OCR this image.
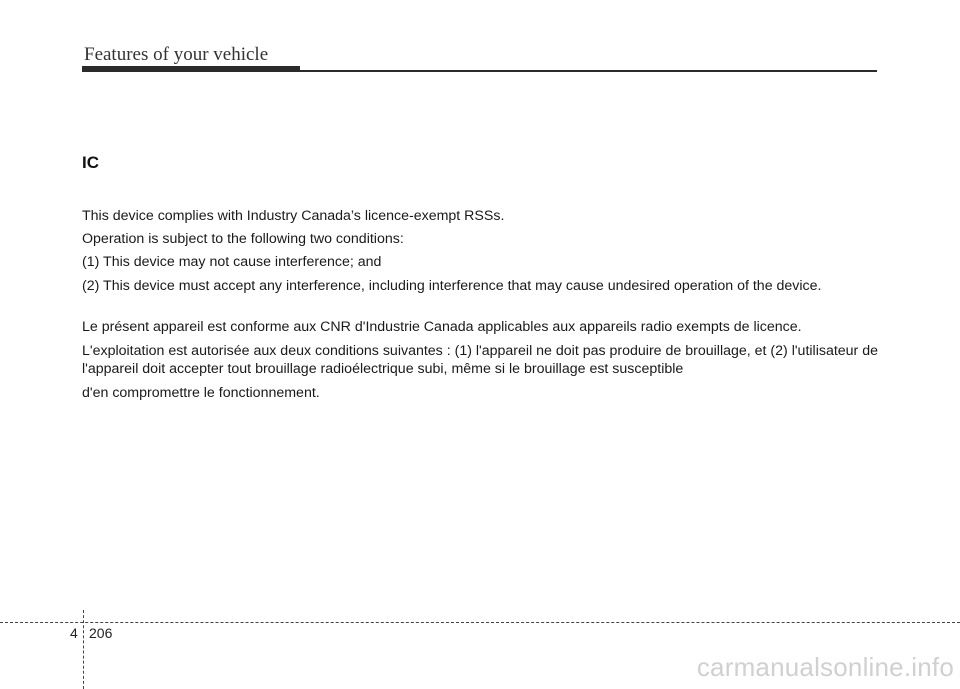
Features of your vehicle
IC
This device complies with Industry Canada’s licence-exempt RSSs.
Operation is subject to the following two conditions:
(1) This device may not cause interference; and
(2) This device must accept any interference, including interference that may cause undesired operation of the device.
Le présent appareil est conforme aux CNR d'Industrie Canada applicables aux appareils radio exempts de licence.
L'exploitation est autorisée aux deux conditions suivantes : (1) l'appareil ne doit pas produire de brouillage, et (2) l'utilisateur de l'appareil doit accepter tout brouillage radioélectrique subi, même si le brouillage est susceptible
d'en compromettre le fonctionnement.
4 206
carmanualsonline.info
